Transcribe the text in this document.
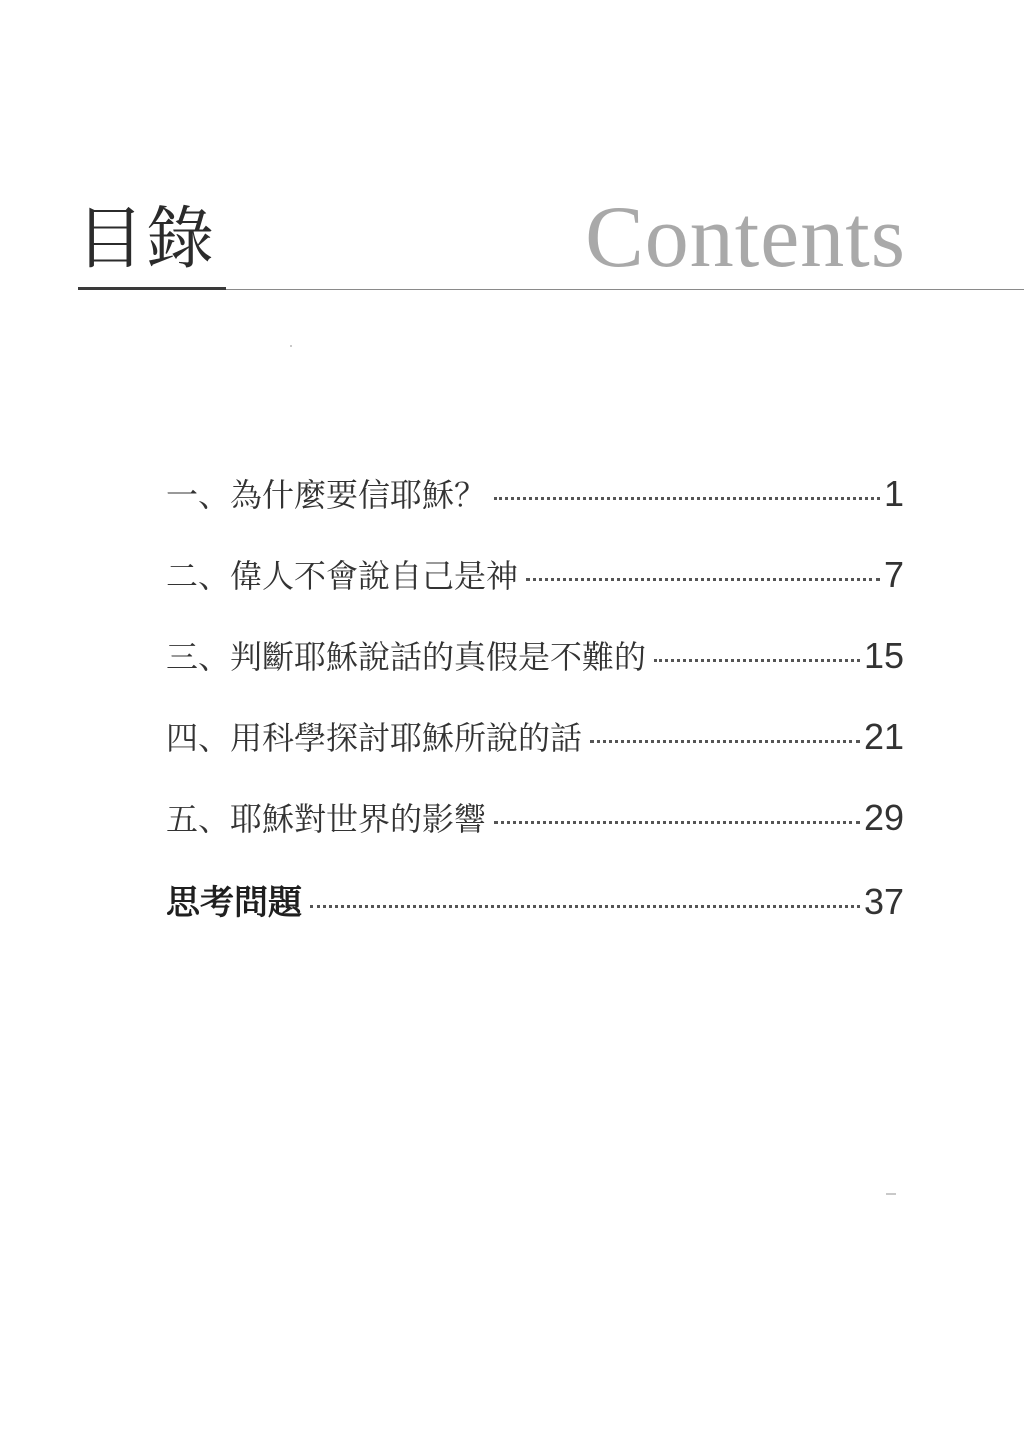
目錄	Contents
一、為什麼要信耶穌？	1
二、偉人不會說自己是神	7
三、判斷耶穌說話的真假是不難的	15
四、用科學探討耶穌所說的話	21
五、耶穌對世界的影響	29
思考問題	37
